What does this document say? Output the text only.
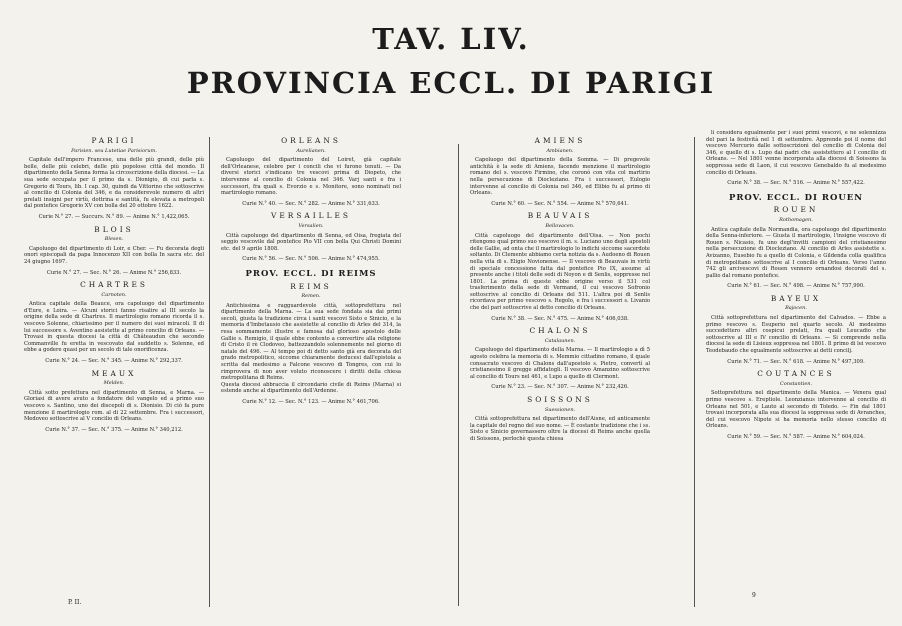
TAV. LIV.
PROVINCIA ECCL. DI PARIGI
PARIGI
Parisien. seu Lutetiae Parisiorum.

Capitale dell'impero Francese, una delle più grandi, delle più belle, delle più celebri, delle più popolose città del mondo. Il dipartimento della Senna forma la circoscrizione della diocesi. — La sua sede occupata per il primo da s. Dionigio, di cui parla s. Gregorio di Tours, lib. I cap. 30, quindi da Vittorino che sottoscrive al concilio di Colonia del 346, e da considerevole numero di altri prelati insigni per virtù, dottrina e santità, fu elevata a metropoli dal pontefice Gregorio XV con bolla del 20 ottobre 1622.

Curie N.° 27. — Succurs. N.° 89. — Anime N.° 1,422,065.
BLOIS
Blesen.

Capoluogo del dipartimento di Loir, e Cher. — Fu decorata degli onori episcopali da papa Innocenzo XII con bolla In sacra etc. del 24 giugno 1697.

Curie N.° 27. — Sec. N.° 26. — Anime N.° 256,833.
CHARTRES
Carnoten.

Antica capitale della Beauce, ora capoluogo del dipartimento d'Eure, e Loira. — Alcuni storici fanno risalire al III secolo la origine della sede di Chartres. Il martirologio romano ricorda il s. vescovo Solenne, chiarissimo per il numero dei suoi miracoli. Il di lui successore s. Aventino assistette al primo concilio di Orleans. — Trovasi in questa diocesi la città di Châteaudun che secondo Commanville fu eretta in vescovato dal suddetto s. Solenne, ed ebbe a godere quasi per un secolo di tale onorificenza.

Curie N.° 24. — Sec. N.° 345. — Anime N.° 292,337.
MEAUX
Melden.

Città sotto prefettura nel dipartimento di Senna, e Marna. — Gloriasi di avere avuto a fondatore del vangelo ed a primo suo vescovo s. Santino, uno dei discepoli di s. Dionisio. Di ciò fa pure menzione il martirologio rom. al di 22 settembre. Fra i successori, Medoveo sottoscrive al V concilio di Orleans.

Curie N.° 37. — Sec. N.° 375. — Anime N.° 340,212.
ORLEANS
Aurelianen.

Capoluogo del dipartimento del Loiret, già capitale dell'Orleanese, celebre per i concili che vi furono tenuti. — Da diversi storici s'indicano tre vescovi prima di Diopeto, che intervenne al concilio di Colonia nel 346. Varj santi e fra i successori, fra quali s. Evorzio e s. Monitore, sono nominati nel martirologio romano.

Curie N.° 40. — Sec. N.° 282. — Anime N.° 331,633.
VERSAILLES
Versalien.

Città capoluogo del dipartimento di Senna, ed Oisa, fregiata del seggio vescovile dal pontefice Pio VII con bolla Qui Christi Domini etc. del 9 aprile 1808.

Curie N.° 56. — Sec. N.° 506. — Anime N.° 474,955.
PROV. ECCL. DI REIMS
REIMS
Remen.

Antichissima e ragguardevole città, sottoprefettura nel dipartimento della Marna. — La sua sede fondata sia dai primi secoli, giusta la tradizione circa i santi vescovi Sisto e Sinicio, e la memoria d'Imbetausio che assistette al concilio di Arles del 314, la resa sommamente illustre e famosa dal glorioso apostolo delle Gallie s. Remigio, il quale ebbe contento a convertire alla religione di Cristo il rè Clodoveo, battezzandolo solennemente nel giorno di natale del 496. — Al tempo poi di detto santo già era decorata del grado metropolitico, siccome chiaramente deducesi dall'epistola a scritta dal medesimo a Falcone vescovo di Tongres, con cui lo rimprovera di non aver voluto riconoscere i diritti della chiesa metropolitana di Reims.
Questa diocesi abbraccia il circondario civile di Reims (Marna) si estende anche al dipartimento dell'Ardenne.

Curie N.° 12. — Sec. N.° 123. — Anime N.° 461,706.
AMIENS
Ambianen.

Capoluogo del dipartimento della Somma. — Di pregevole antichità è la sede di Amiens, facendo menzione il martirologio romano del s. vescovo Firmino, che coronò con vita col martirio nella persecuzione di Diocleziano. Fra i successori, Eulogio intervenne al concilio di Colonia nel 346, ed Elibio fu al primo di Orleans.

Curie N.° 60. — Sec. N.° 554. — Anime N.° 570,641.
BEAUVAIS
Bellovacen.

Città capoluogo del dipartimento dell'Oisa. — Non pochi ritengono qual primo suo vescovo il m. s. Luciano uno degli apostoli delle Gallie, ad onta che il martirologio lo indichi siccome sacerdote soltanto. Di Clemente abbiamo certa notizia da s. Audoeno di Rouen nella vita di s. Eligio Novionense. — Il vescovo di Beauvais in virtù di speciale concessione fatta dal pontefice Pio IX, assume al presente anche i titoli delle sedi di Noyon e di Senlis, soppresse nel 1801. La prima di queste ebbe origine verso il 531 col trasferimento della sede di Vermand, il cui vescovo Sofronio sottoscrive al concilio di Orleans del 511. L'altra poi di Senlis ricordava per primo vescovo s. Regolo, e fra i successori s. Livanio che del pari sottoscrive al detto concilio di Orleans.

Curie N.° 38. — Sec. N.° 475. — Anime N.° 406,038.
CHALONS
Catalaunen.

Capoluogo del dipartimento della Marna. — Il martirologio a dì 5 agosto celebra la memoria di s. Memmio cittadino romano, il quale consacrato vescovo di Chalons dall'apostolo s. Pietro, convertì al cristianesimo il gregge affidatogli. Il vescovo Amanzino sottoscrive al concilio di Tours nel 461, e Lupo a quello di Clermont.

Curie N.° 23. — Sec. N.° 307. — Anime N.° 232,426.
SOISSONS
Suessionen.

Città sottoprefettura nel dipartimento dell'Aisne, ed anticamente la capitale del regno del suo nome. — È costante tradizione che i ss. Sisto e Sinicio governassero oltre la diocesi di Reims anche quella di Soissons, perlochè questa chiesa

li considera egualmente per i suoi primi vescovi, e ne solennizza del pari la festività nel 1 di settembre. Apprende poi il nome del vescovo Mercurio dalle sottoscrizioni del concilio di Colonia del 346, e quello di s. Lupo dai padri che assistettero al I concilio di Orleans. — Nel 1801 venne incorporata alla diocesi di Soissons la soppressa sede di Laon, il cui vescovo Genebaldo fu al medesimo concilio di Orleans.

Curie N.° 38. — Sec. N.° 516. — Anime N.° 557,422.
PROV. ECCL. DI ROUEN
ROUEN
Rothomagen.

Antica capitale della Normandia, ora capoluogo del dipartimento della Senna-inferiore. — Giusta il martirologio, l'insigne vescovo di Rouen s. Nicasio, fu uno degl'invitti campioni del cristianesimo nella persecuzione di Diocleziano. Al concilio di Arles assistette s. Avizanno, Eusebio fu a quello di Colonia, e Gildenda colla qualifica di metropolitano sottoscrive al I concilio di Orleans. Verso l'anno 742 gli arcivescovi di Rouen vennero ornandosi decorati del s. pallio dal romano pontefice.

Curie N.° 61. — Sec. N.° 498. — Anime N.° 757,990.
BAYEUX
Bajocen.

Città sottoprefettura nel dipartimento del Calvados. — Ebbe a primo vescovo s. Esuperio nel quarto secolo. Al medesimo succedettero altri cospicui prelati, fra quali Leucadio che sottoscrive al III e IV concilio di Orleans. — Si comprende nella diocesi la sede di Lisieux soppressa nel 1801. Il primo di lei vescovo Teodebaudo che egualmente sottoscrive ai detti concilj.

Curie N.° 71. — Sec. N.° 618. — Anime N.° 497,309.
COUTANCES
Constantien.

Sottoprefettura nel dipartimento della Manica. — Venera qual primo vescovo s. Ereptiole. Leonzianus intervenne al concilio di Orleans nel 501, e Lauto al secondo di Toledo. — Fin dal 1801 trovasi incorporata alla sua diocesi la soppressa sede di Avranches, del cui vescovo Nipote si ha memoria nello stesso concilio di Orleans.

Curie N.° 59. — Sec. N.° 587. — Anime N.° 604,024.
P. II.
9
